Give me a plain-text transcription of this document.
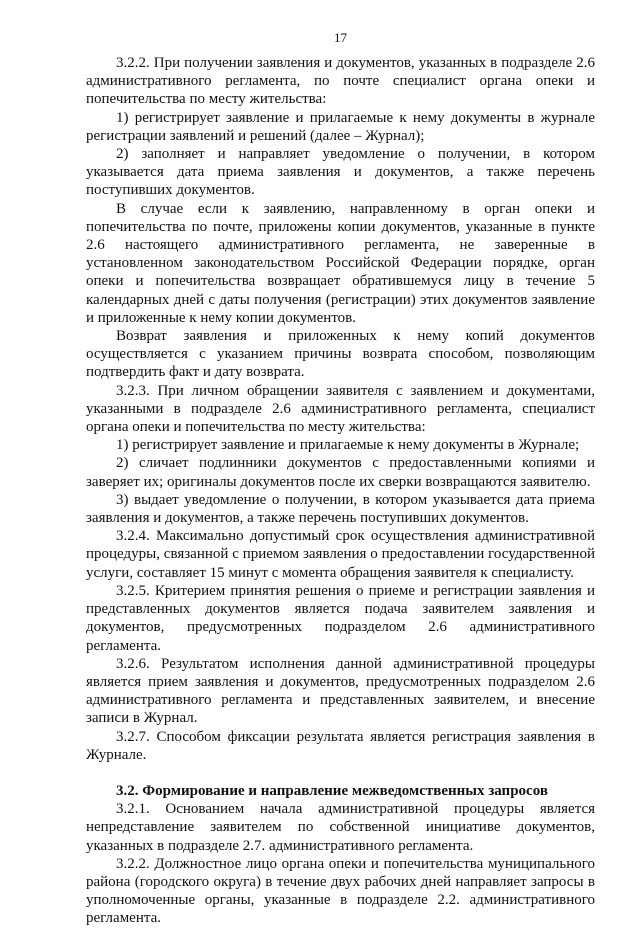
17

3.2.2. При получении заявления и документов, указанных в подразделе 2.6 административного регламента, по почте специалист органа опеки и попечительства по месту жительства:

1) регистрирует заявление и прилагаемые к нему документы в журнале регистрации заявлений и решений (далее – Журнал);

2) заполняет и направляет уведомление о получении, в котором указывается дата приема заявления и документов, а также перечень поступивших документов.

В случае если к заявлению, направленному в орган опеки и попечительства по почте, приложены копии документов, указанные в пункте 2.6 настоящего административного регламента, не заверенные в установленном законодательством Российской Федерации порядке, орган опеки и попечительства возвращает обратившемуся лицу в течение 5 календарных дней с даты получения (регистрации) этих документов заявление и приложенные к нему копии документов.

Возврат заявления и приложенных к нему копий документов осуществляется с указанием причины возврата способом, позволяющим подтвердить факт и дату возврата.

3.2.3. При личном обращении заявителя с заявлением и документами, указанными в подразделе 2.6 административного регламента, специалист органа опеки и попечительства по месту жительства:

1) регистрирует заявление и прилагаемые к нему документы в Журнале;

2) сличает подлинники документов с предоставленными копиями и заверяет их; оригиналы документов после их сверки возвращаются заявителю.

3) выдает уведомление о получении, в котором указывается дата приема заявления и документов, а также перечень поступивших документов.

3.2.4. Максимально допустимый срок осуществления административной процедуры, связанной с приемом заявления о предоставлении государственной услуги, составляет 15 минут с момента обращения заявителя к специалисту.

3.2.5. Критерием принятия решения о приеме и регистрации заявления и представленных документов является подача заявителем заявления и документов, предусмотренных подразделом 2.6 административного регламента.

3.2.6. Результатом исполнения данной административной процедуры является прием заявления и документов, предусмотренных подразделом 2.6 административного регламента и представленных заявителем, и внесение записи в Журнал.

3.2.7. Способом фиксации результата является регистрация заявления в Журнале.

3.2. Формирование и направление межведомственных запросов

3.2.1. Основанием начала административной процедуры является непредставление заявителем по собственной инициативе документов, указанных в подразделе 2.7. административного регламента.

3.2.2. Должностное лицо органа опеки и попечительства муниципального района (городского округа) в течение двух рабочих дней направляет запросы в уполномоченные органы, указанные в подразделе 2.2. административного регламента.
